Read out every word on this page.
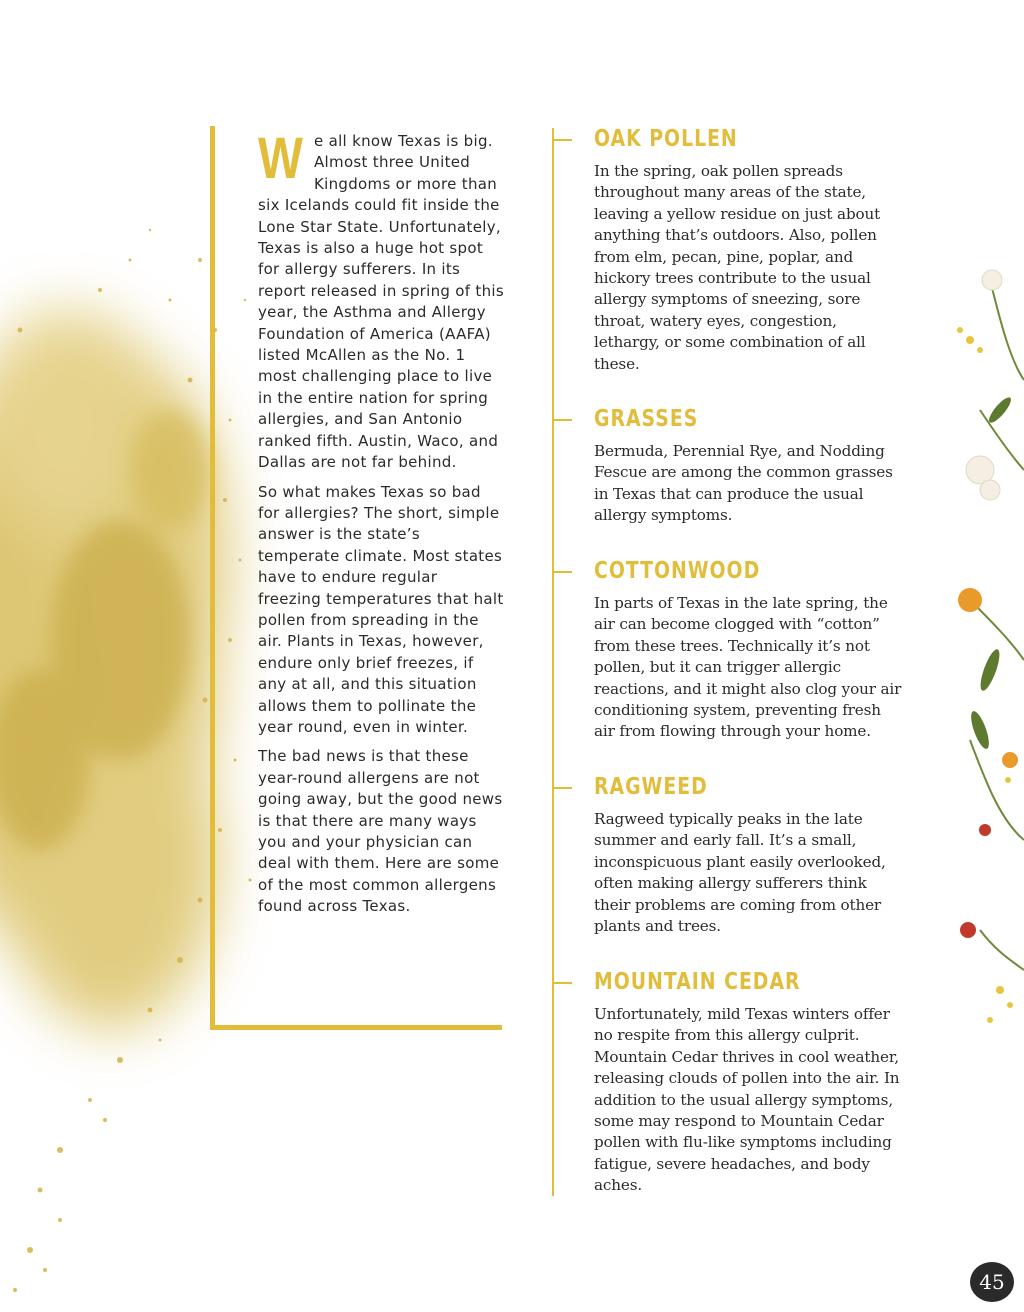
We all know Texas is big. Almost three United Kingdoms or more than six Icelands could fit inside the Lone Star State. Unfortunately, Texas is also a huge hot spot for allergy sufferers. In its report released in spring of this year, the Asthma and Allergy Foundation of America (AAFA) listed McAllen as the No. 1 most challenging place to live in the entire nation for spring allergies, and San Antonio ranked fifth. Austin, Waco, and Dallas are not far behind.

So what makes Texas so bad for allergies? The short, simple answer is the state’s temperate climate. Most states have to endure regular freezing temperatures that halt pollen from spreading in the air. Plants in Texas, however, endure only brief freezes, if any at all, and this situation allows them to pollinate the year round, even in winter.

The bad news is that these year-round allergens are not going away, but the good news is that there are many ways you and your physician can deal with them. Here are some of the most common allergens found across Texas.

OAK POLLEN

In the spring, oak pollen spreads throughout many areas of the state, leaving a yellow residue on just about anything that’s outdoors. Also, pollen from elm, pecan, pine, poplar, and hickory trees contribute to the usual allergy symptoms of sneezing, sore throat, watery eyes, congestion, lethargy, or some combination of all these.

GRASSES

Bermuda, Perennial Rye, and Nodding Fescue are among the common grasses in Texas that can produce the usual allergy symptoms.

COTTONWOOD

In parts of Texas in the late spring, the air can become clogged with “cotton” from these trees. Technically it’s not pollen, but it can trigger allergic reactions, and it might also clog your air conditioning system, preventing fresh air from flowing through your home.

RAGWEED

Ragweed typically peaks in the late summer and early fall. It’s a small, inconspicuous plant easily overlooked, often making allergy sufferers think their problems are coming from other plants and trees.

MOUNTAIN CEDAR

Unfortunately, mild Texas winters offer no respite from this allergy culprit. Mountain Cedar thrives in cool weather, releasing clouds of pollen into the air. In addition to the usual allergy symptoms, some may respond to Mountain Cedar pollen with flu-like symptoms including fatigue, severe headaches, and body aches.

45
